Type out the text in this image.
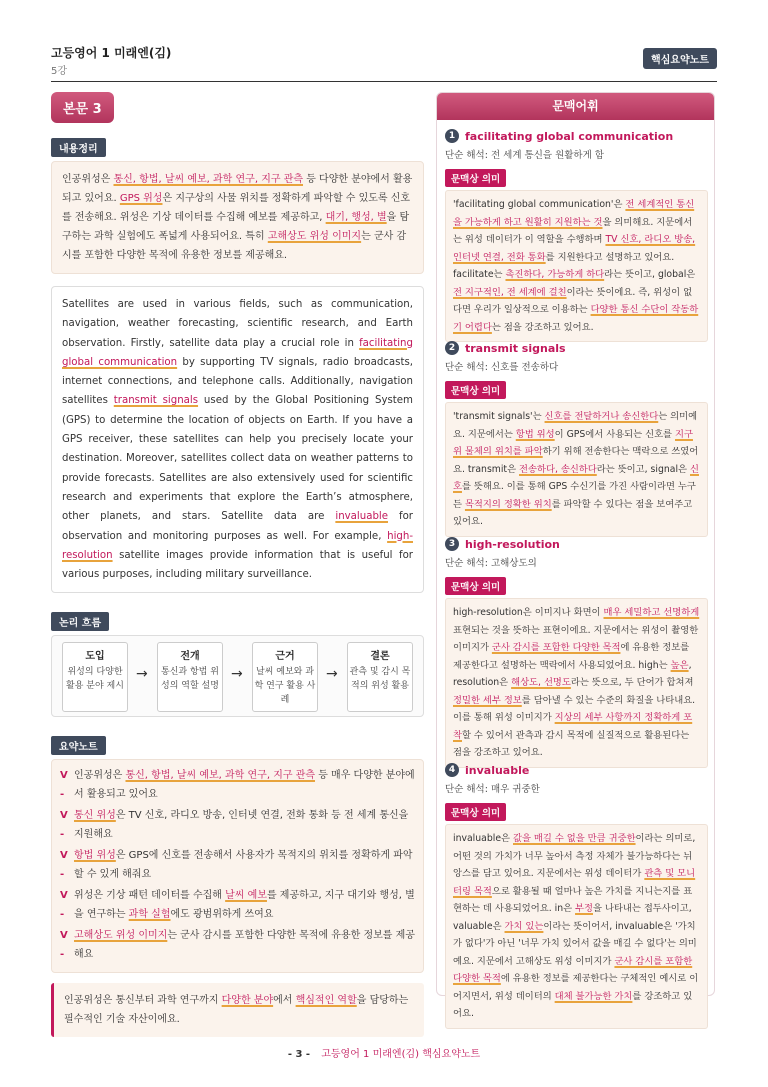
고등영어 1 미래엔(김)
5강
핵심요약노트
본문 3
내용정리
인공위성은 통신, 항법, 날씨 예보, 과학 연구, 지구 관측 등 다양한 분야에서 활용되고 있어요. GPS 위성은 지구상의 사물 위치를 정확하게 파악할 수 있도록 신호를 전송해요. 위성은 기상 데이터를 수집해 예보를 제공하고, 대기, 행성, 별을 탐구하는 과학 실험에도 폭넓게 사용되어요. 특히 고해상도 위성 이미지는 군사 감시를 포함한 다양한 목적에 유용한 정보를 제공해요.
Satellites are used in various fields, such as communication, navigation, weather forecasting, scientific research, and Earth observation. Firstly, satellite data play a crucial role in facilitating global communication by supporting TV signals, radio broadcasts, internet connections, and telephone calls. Additionally, navigation satellites transmit signals used by the Global Positioning System (GPS) to determine the location of objects on Earth. If you have a GPS receiver, these satellites can help you precisely locate your destination. Moreover, satellites collect data on weather patterns to provide forecasts. Satellites are also extensively used for scientific research and experiments that explore the Earth’s atmosphere, other planets, and stars. Satellite data are invaluable for observation and monitoring purposes as well. For example, high-resolution satellite images provide information that is useful for various purposes, including military surveillance.
논리 흐름
도입
위성의 다양한 활용 분야 제시
→
전개
통신과 항법 위성의 역할 설명
→
근거
날씨 예보와 과학 연구 활용 사례
→
결론
관측 및 감시 목적의 위성 활용
요약노트
V -
인공위성은 통신, 항법, 날씨 예보, 과학 연구, 지구 관측 등 매우 다양한 분야에서 활용되고 있어요
V -
통신 위성은 TV 신호, 라디오 방송, 인터넷 연결, 전화 통화 등 전 세계 통신을 지원해요
V -
항법 위성은 GPS에 신호를 전송해서 사용자가 목적지의 위치를 정확하게 파악할 수 있게 해줘요
V -
위성은 기상 패턴 데이터를 수집해 날씨 예보를 제공하고, 지구 대기와 행성, 별을 연구하는 과학 실험에도 광범위하게 쓰여요
V -
고해상도 위성 이미지는 군사 감시를 포함한 다양한 목적에 유용한 정보를 제공해요
인공위성은 통신부터 과학 연구까지 다양한 분야에서 핵심적인 역할을 담당하는 필수적인 기술 자산이에요.
문맥어휘
1 facilitating global communication
단순 해석: 전 세계 통신을 원활하게 함
문맥상 의미
'facilitating global communication'은 전 세계적인 통신을 가능하게 하고 원활히 지원하는 것을 의미해요. 지문에서는 위성 데이터가 이 역할을 수행하며 TV 신호, 라디오 방송, 인터넷 연결, 전화 통화를 지원한다고 설명하고 있어요. facilitate는 촉진하다, 가능하게 하다라는 뜻이고, global은 전 지구적인, 전 세계에 걸친이라는 뜻이에요. 즉, 위성이 없다면 우리가 일상적으로 이용하는 다양한 통신 수단이 작동하기 어렵다는 점을 강조하고 있어요.
2 transmit signals
단순 해석: 신호를 전송하다
문맥상 의미
'transmit signals'는 신호를 전달하거나 송신한다는 의미예요. 지문에서는 항법 위성이 GPS에서 사용되는 신호를 지구 위 물체의 위치를 파악하기 위해 전송한다는 맥락으로 쓰였어요. transmit은 전송하다, 송신하다라는 뜻이고, signal은 신호를 뜻해요. 이를 통해 GPS 수신기를 가진 사람이라면 누구든 목적지의 정확한 위치를 파악할 수 있다는 점을 보여주고 있어요.
3 high-resolution
단순 해석: 고해상도의
문맥상 의미
high-resolution은 이미지나 화면이 매우 세밀하고 선명하게 표현되는 것을 뜻하는 표현이에요. 지문에서는 위성이 촬영한 이미지가 군사 감시를 포함한 다양한 목적에 유용한 정보를 제공한다고 설명하는 맥락에서 사용되었어요. high는 높은, resolution은 해상도, 선명도라는 뜻으로, 두 단어가 합쳐져 정밀한 세부 정보를 담아낼 수 있는 수준의 화질을 나타내요. 이를 통해 위성 이미지가 지상의 세부 사항까지 정확하게 포착할 수 있어서 관측과 감시 목적에 실질적으로 활용된다는 점을 강조하고 있어요.
4 invaluable
단순 해석: 매우 귀중한
문맥상 의미
invaluable은 값을 매길 수 없을 만큼 귀중한이라는 의미로, 어떤 것의 가치가 너무 높아서 측정 자체가 불가능하다는 뉘앙스를 담고 있어요. 지문에서는 위성 데이터가 관측 및 모니터링 목적으로 활용될 때 얼마나 높은 가치를 지니는지를 표현하는 데 사용되었어요. in은 부정을 나타내는 접두사이고, valuable은 가치 있는이라는 뜻이어서, invaluable은 '가치가 없다'가 아닌 '너무 가치 있어서 값을 매길 수 없다'는 의미예요. 지문에서 고해상도 위성 이미지가 군사 감시를 포함한 다양한 목적에 유용한 정보를 제공한다는 구체적인 예시로 이어지면서, 위성 데이터의 대체 불가능한 가치를 강조하고 있어요.
- 3 - 고등영어 1 미래엔(김) 핵심요약노트
